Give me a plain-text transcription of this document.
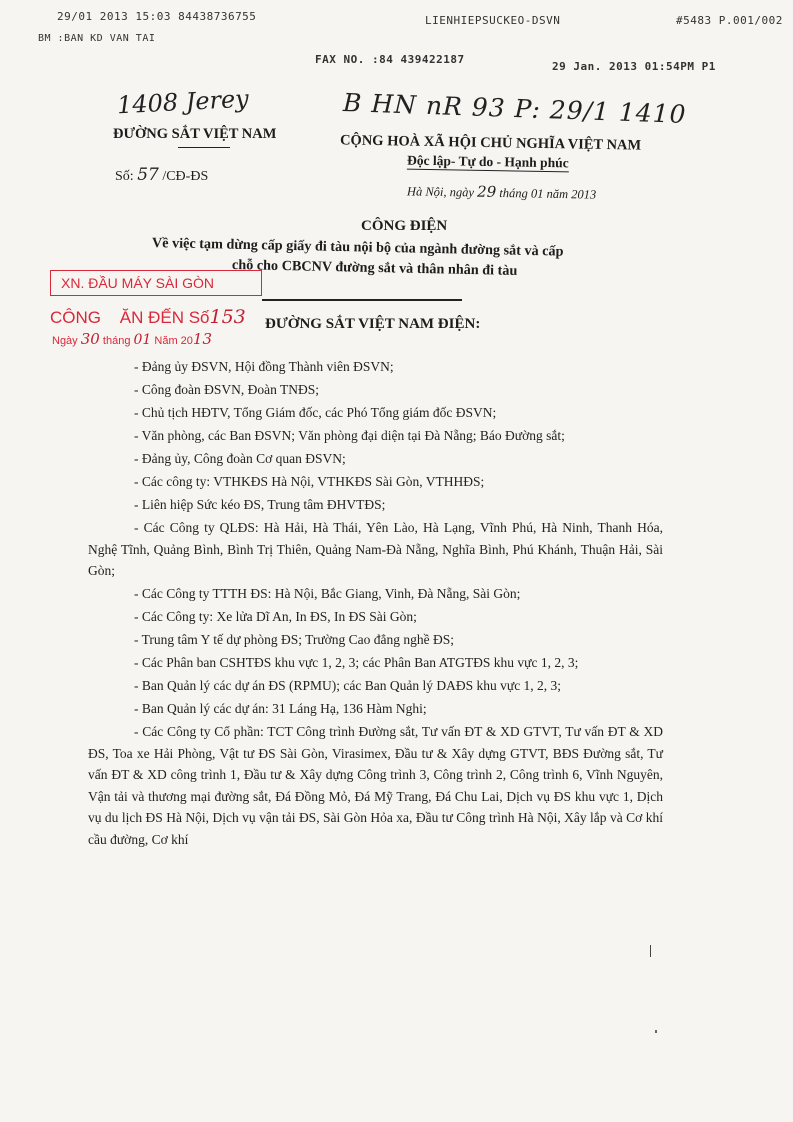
29/01 2013 15:03 84438736755	LIENHIEPSUCKEO-DSVN	#5483 P.001/002
BM :BAN KD VAN TAI
FAX NO. :84 439422187
29 Jan. 2013 01:54PM P1
1408 Jerey	B HN nR 93 P: 29/1 1410
ĐƯỜNG SẮT VIỆT NAM
Số: 57 /CĐ-ĐS
CỘNG HOÀ XÃ HỘI CHỦ NGHĨA VIỆT NAM
Độc lập- Tự do - Hạnh phúc
Hà Nội, ngày 29 tháng 01 năm 2013
CÔNG ĐIỆN
Về việc tạm dừng cấp giấy đi tàu nội bộ của ngành đường sắt và cấp
chỗ cho CBCNV đường sắt và thân nhân đi tàu
XN. ĐẦU MÁY SÀI GÒN
CÔNG ĂN ĐẾN Số153
Ngày 30 tháng 01 Năm 2013
ĐƯỜNG SẮT VIỆT NAM ĐIỆN:

- Đảng ủy ĐSVN, Hội đồng Thành viên ĐSVN;

- Công đoàn ĐSVN, Đoàn TNĐS;

- Chủ tịch HĐTV, Tổng Giám đốc, các Phó Tổng giám đốc ĐSVN;

- Văn phòng, các Ban ĐSVN; Văn phòng đại diện tại Đà Nẵng; Báo Đường sắt;

- Đảng ủy, Công đoàn Cơ quan ĐSVN;

- Các công ty: VTHKĐS Hà Nội, VTHKĐS Sài Gòn, VTHHĐS;

- Liên hiệp Sức kéo ĐS, Trung tâm ĐHVTĐS;

- Các Công ty QLĐS: Hà Hải, Hà Thái, Yên Lào, Hà Lạng, Vĩnh Phú, Hà Ninh, Thanh Hóa, Nghệ Tĩnh, Quảng Bình, Bình Trị Thiên, Quảng Nam-Đà Nẵng, Nghĩa Bình, Phú Khánh, Thuận Hải, Sài Gòn;

- Các Công ty TTTH ĐS: Hà Nội, Bắc Giang, Vinh, Đà Nẵng, Sài Gòn;

- Các Công ty: Xe lửa Dĩ An, In ĐS, In ĐS Sài Gòn;

- Trung tâm Y tế dự phòng ĐS; Trường Cao đẳng nghề ĐS;

- Các Phân ban CSHTĐS khu vực 1, 2, 3; các Phân Ban ATGTĐS khu vực 1, 2, 3;

- Ban Quản lý các dự án ĐS (RPMU); các Ban Quản lý DAĐS khu vực 1, 2, 3;

- Ban Quản lý các dự án: 31 Láng Hạ, 136 Hàm Nghi;

- Các Công ty Cổ phần: TCT Công trình Đường sắt, Tư vấn ĐT & XD GTVT, Tư vấn ĐT & XD ĐS, Toa xe Hải Phòng, Vật tư ĐS Sài Gòn, Virasimex, Đầu tư & Xây dựng GTVT, BĐS Đường sắt, Tư vấn ĐT & XD công trình 1, Đầu tư & Xây dựng Công trình 3, Công trình 2, Công trình 6, Vĩnh Nguyên, Vận tải và thương mại đường sắt, Đá Đồng Mỏ, Đá Mỹ Trang, Đá Chu Lai, Dịch vụ ĐS khu vực 1, Dịch vụ du lịch ĐS Hà Nội, Dịch vụ vận tải ĐS, Sài Gòn Hỏa xa, Đầu tư Công trình Hà Nội, Xây lắp và Cơ khí cầu đường, Cơ khí
